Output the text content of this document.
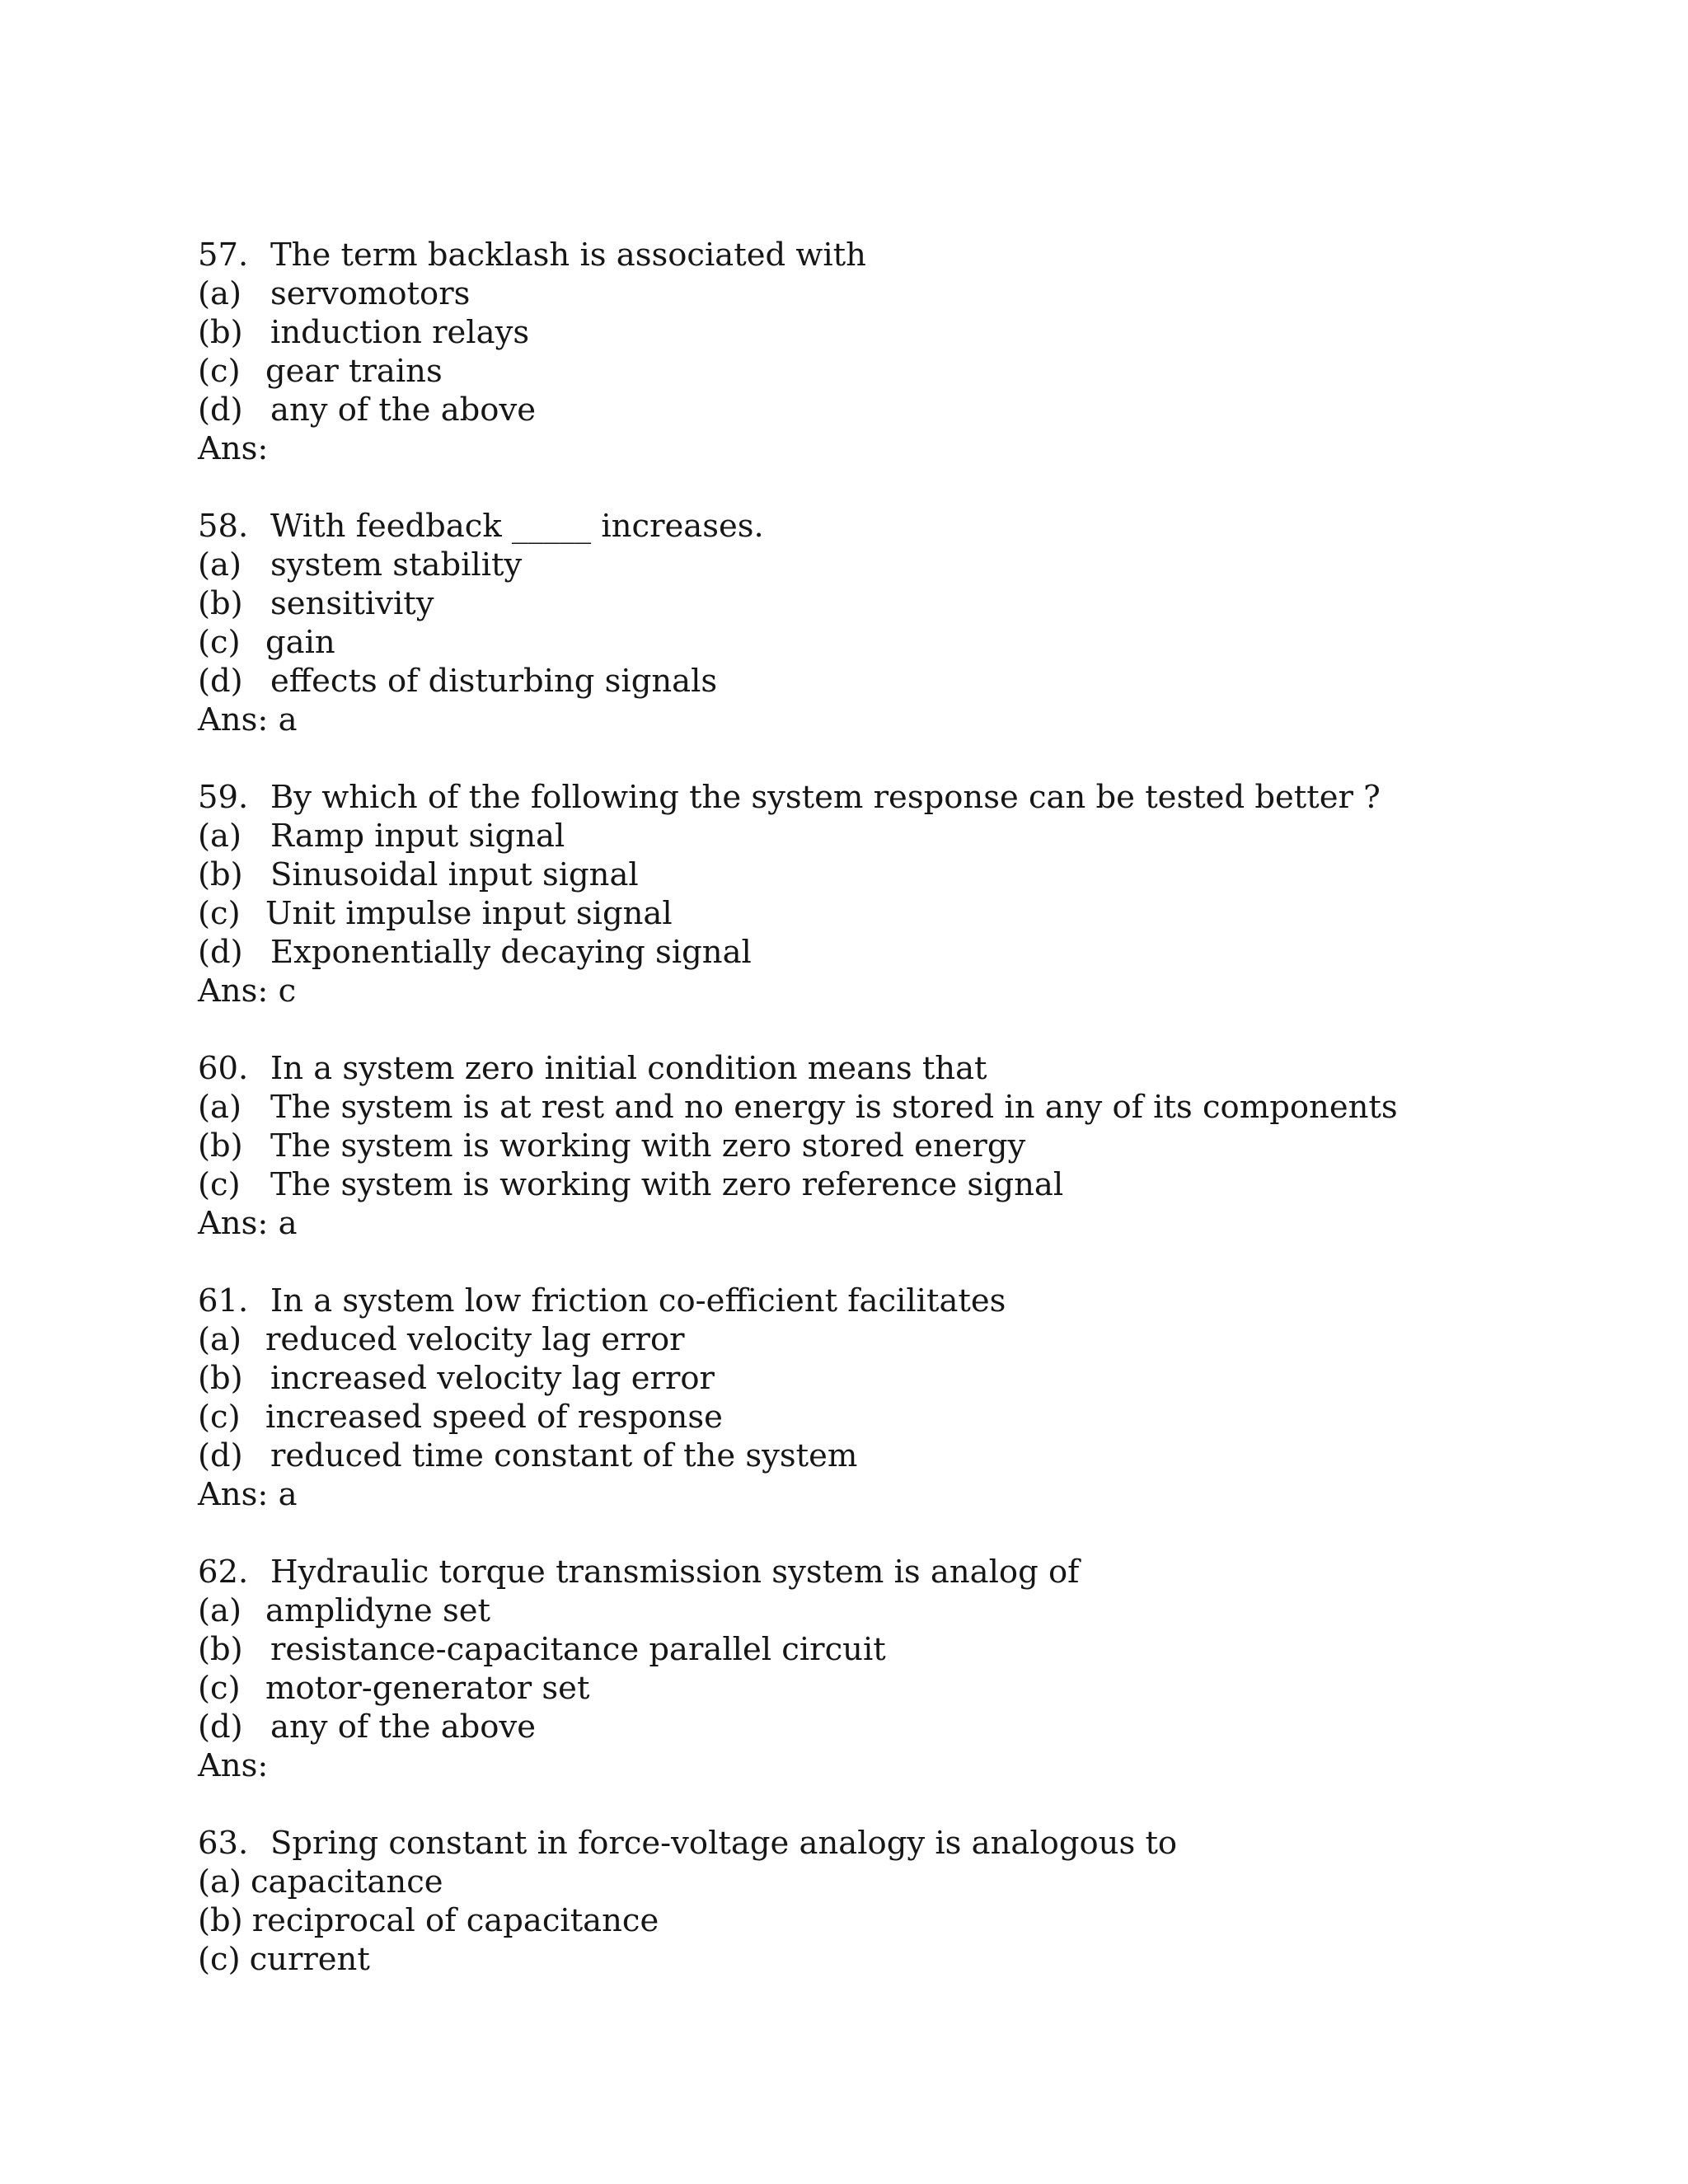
57. The term backlash is associated with
(a) servomotors
(b) induction relays
(c) gear trains
(d) any of the above
Ans:
58. With feedback _____ increases.
(a) system stability
(b) sensitivity
(c) gain
(d) effects of disturbing signals
Ans: a
59. By which of the following the system response can be tested better ?
(a) Ramp input signal
(b) Sinusoidal input signal
(c) Unit impulse input signal
(d) Exponentially decaying signal
Ans: c
60. In a system zero initial condition means that
(a) The system is at rest and no energy is stored in any of its components
(b) The system is working with zero stored energy
(c) The system is working with zero reference signal
Ans: a
61. In a system low friction co-efficient facilitates
(a) reduced velocity lag error
(b) increased velocity lag error
(c) increased speed of response
(d) reduced time constant of the system
Ans: a
62. Hydraulic torque transmission system is analog of
(a) amplidyne set
(b) resistance-capacitance parallel circuit
(c) motor-generator set
(d) any of the above
Ans:
63. Spring constant in force-voltage analogy is analogous to
(a) capacitance
(b) reciprocal of capacitance
(c) current
